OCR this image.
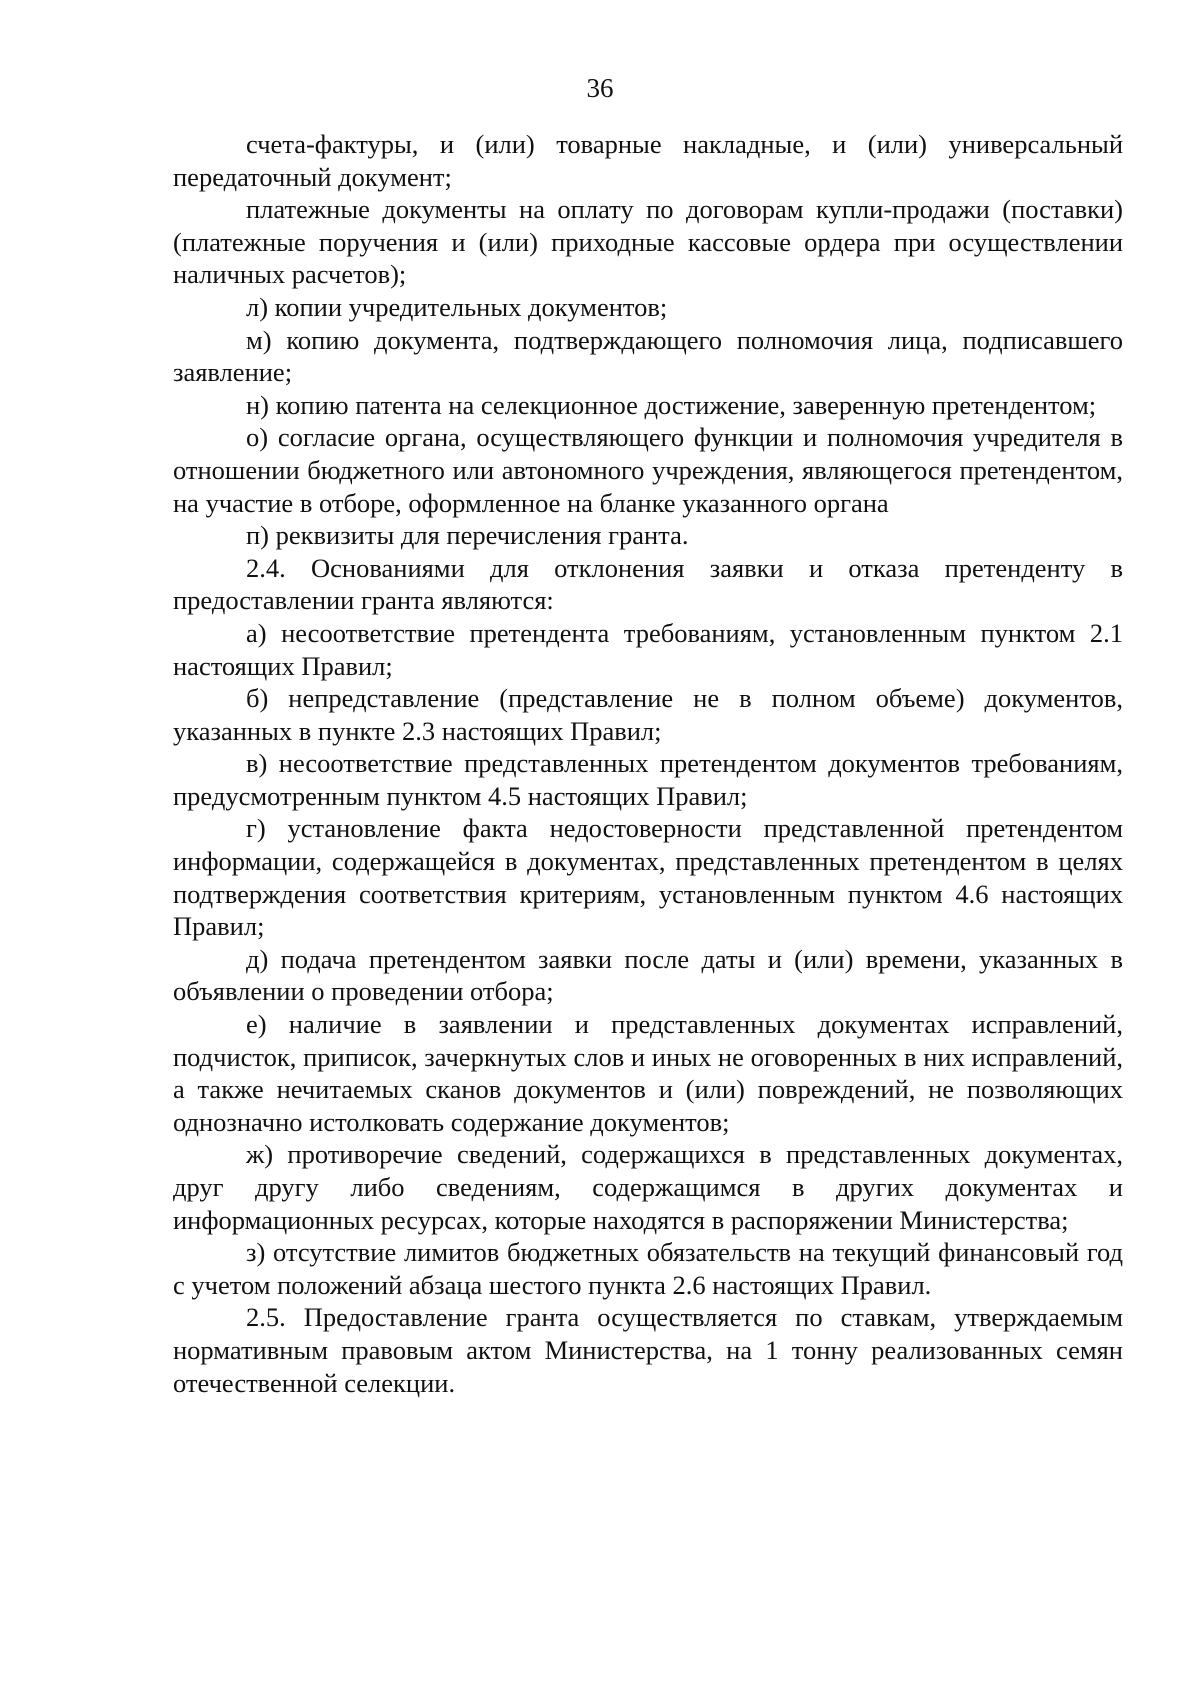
36

счета-фактуры, и (или) товарные накладные, и (или) универсальный передаточный документ;

платежные документы на оплату по договорам купли-продажи (поставки) (платежные поручения и (или) приходные кассовые ордера при осуществлении наличных расчетов);

л) копии учредительных документов;

м) копию документа, подтверждающего полномочия лица, подписавшего заявление;

н) копию патента на селекционное достижение, заверенную претендентом;

о) согласие органа, осуществляющего функции и полномочия учредителя в отношении бюджетного или автономного учреждения, являющегося претендентом, на участие в отборе, оформленное на бланке указанного органа

п) реквизиты для перечисления гранта.

2.4. Основаниями для отклонения заявки и отказа претенденту в предоставлении гранта являются:

а) несоответствие претендента требованиям, установленным пунктом 2.1 настоящих Правил;

б) непредставление (представление не в полном объеме) документов, указанных в пункте 2.3 настоящих Правил;

в) несоответствие представленных претендентом документов требованиям, предусмотренным пунктом 4.5 настоящих Правил;

г) установление факта недостоверности представленной претендентом информации, содержащейся в документах, представленных претендентом в целях подтверждения соответствия критериям, установленным пунктом 4.6 настоящих Правил;

д) подача претендентом заявки после даты и (или) времени, указанных в объявлении о проведении отбора;

е) наличие в заявлении и представленных документах исправлений, подчисток, приписок, зачеркнутых слов и иных не оговоренных в них исправлений, а также нечитаемых сканов документов и (или) повреждений, не позволяющих однозначно истолковать содержание документов;

ж) противоречие сведений, содержащихся в представленных документах, друг другу либо сведениям, содержащимся в других документах и информационных ресурсах, которые находятся в распоряжении Министерства;

з) отсутствие лимитов бюджетных обязательств на текущий финансовый год с учетом положений абзаца шестого пункта 2.6 настоящих Правил.

2.5. Предоставление гранта осуществляется по ставкам, утверждаемым нормативным правовым актом Министерства, на 1 тонну реализованных семян отечественной селекции.
